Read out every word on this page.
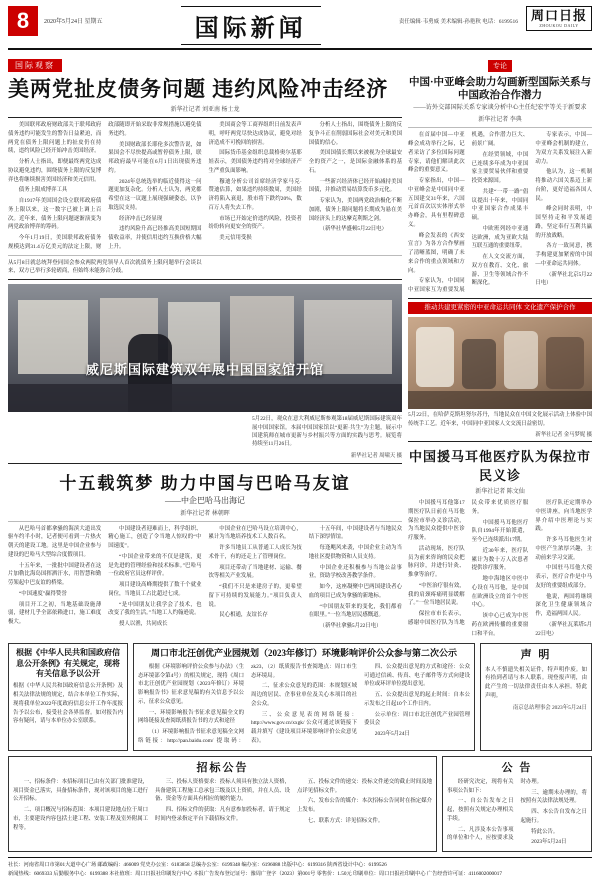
8	2020年5月24日 星期五	国际新闻	责任编辑·韦勇威 美术编辑·孙艳秋 电话：6199516 周口日报
ZHOUKOU DAILY
国际观察
美两党扯皮债务问题 违约风险冲击经济
新华社记者 刘亚南 杨士龙

美国联邦政府财政部关于联邦政府债务违约可能发生的警告日益紧迫，而两党在债务上限问题上的扯皮仍在持续，违约风险已经开始冲击美国经济。

分析人士指出，即便最终两党达成协议避免违约，围绕债务上限的反复博弈也将继续损害美国经济和美元信用。

债务上限成博弈工具

自1917年美国国会设立联邦政府债务上限以来，这一数字已被上调上百次。近年来，债务上限问题逐渐演变为两党政治博弈的筹码。

今年1月19日，美国联邦政府债务规模达到31.4万亿美元的法定上限，财政部随即开始采取非常规措施以避免债务违约。

美国财政部长耶伦多次警告说，如果国会不尽快提高或暂停债务上限，联邦政府最早可能在6月1日出现债务违约。

2024年总统选举的临近使得这一问题更加复杂化。分析人士认为，两党都希望在这一议题上展现强硬姿态，以争取选民支持。

经济冲击已经显现

违约风险升高已经推高美国短期国债收益率，并使信用违约互换价格大幅上升。

美国商会等工商界组织日前发表声明，呼吁两党尽快达成协议，避免对经济造成不可挽回的损害。

国际货币基金组织总裁格奥尔基耶娃表示，美国债务违约将对全球经济产生严重负面影响。

穆迪分析公司首席经济学家马克·赞迪估算，如果违约持续数周，美国经济将陷入衰退，股市将下跌约20%，数百万人将失去工作。

市场已开始定价违约风险，投资者纷纷转向更安全的资产。

美元信用受损

分析人士指出，围绕债务上限的反复争斗正在削弱国际社会对美元和美国国债的信心。

美国国债长期以来被视为全球最安全的资产之一，是国际金融体系的基石。

一些新兴经济体已经开始减持美国国债，并推动贸易结算货币多元化。

专家认为，美国两党政治极化不断加剧，债务上限问题将长期成为悬在美国经济头上的达摩克利斯之剑。

（新华社华盛顿5月22日电）

从5月8日就总统拜登同国会参众两院两党领导人首次就债务上限问题举行会谈以来，双方已举行多轮磋商，但始终未能弥合分歧。
威尼斯国际建筑双年展中国国家馆开馆
5月22日，观众在意大利威尼斯参观第18届威尼斯国际建筑双年展中国国家馆。本届中国国家馆以“更新·共生”为主题，展示中国建筑师在城市更新与乡村振兴等方面的实践与思考。展览将持续至11月26日。
新华社记者 周啸天 摄
十五载筑梦 助力中国与巴哈马友谊
——中企巴哈马出海记
新华社记者 林朝晖

从巴哈马首都拿骚的海滨大道出发驱车约半小时，记者便可看到一片热火朝天的建设工地。这里是中国企业参与建设的巴哈马大型综合度假项目。

十五年来，一批批中国建设者在这片加勒比海岛国挥洒汗水，用智慧和勤劳架起中巴友谊的桥梁。

“中国速度”赢得赞誉

项目开工之初，当地基础设施薄弱，建材几乎全部依赖进口，施工难度极大。

中国建设者迎难而上，科学组织、精心施工，创造了令当地人惊叹的“中国速度”。

“中国企业带来的不仅是建筑，更是先进的管理经验和技术标准。”巴哈马一位政府官员这样评价。

项目建设高峰期提供了数千个就业岗位，当地员工占比超过七成。

“是中国朋友让我学会了技术，也改变了我的生活。”当地工人约翰逊说。

授人以渔，共同成长

中国企业在巴哈马设立培训中心，累计为当地培养技术工人数百名。

许多当地员工从普通工人成长为技术骨干，有的还走上了管理岗位。

项目还带动了当地建材、运输、餐饮等相关产业发展。

“我们不只是来建房子的，更希望留下可持续的发展能力。”项目负责人说。

民心相通，友谊长存

十五年间，中国建设者与当地民众结下深厚情谊。

每逢飓风来袭，中国企业主动为当地社区提供物资和人员支持。

中国企业还积极参与当地公益事业，资助学校改善教学条件。

如今，这座凝聚中巴两国建设者心血的项目已成为拿骚的新地标。

“中国朋友带来的变化，我们都看在眼里。”一位当地居民感慨道。

（新华社拿骚5月22日电）

专论
中国·中亚峰会助力勾画新型国际关系与中国政治合作潜力
——访外交部国际关系专家谈分析中心主任纪宏宇等关于新要求
新华社记者 李典

在首届中国—中亚峰会成功举行之际，记者采访了多位国际问题专家，请他们解读此次峰会的重要意义。

专家指出，中国—中亚峰会是中国同中亚五国建交31年来，六国元首首次以实体形式举办峰会，具有里程碑意义。

峰会发表的《西安宣言》为各方合作擘画了清晰蓝图，明确了未来合作的重点领域和方向。

专家认为，中国同中亚国家互为重要发展机遇，合作潜力巨大、前景广阔。

在经贸领域，中国已连续多年成为中亚国家主要贸易伙伴和重要投资来源国。

共建“一带一路”倡议提出十年来，中国同中亚国家合作成果丰硕。

中欧班列经中亚通达欧洲，成为亚欧大陆互联互通的重要纽带。

在人文交流方面，双方在教育、文化、旅游、卫生等领域合作不断深化。

专家表示，中国—中亚峰会机制的建立，为双方关系发展注入新动力。

他认为，这一机制将推动六国关系迈上新台阶，更好造福各国人民。

峰会同时表明，中国坚持走和平发展道路，坚定奉行互利共赢的开放战略。

各方一致同意，携手构建更加紧密的中国—中亚命运共同体。

（新华社北京5月22日电）

推动共建更紧密的中亚命运共同体 文化遗产保护合作
5月22日，在哈萨克斯坦努尔苏丹，当地民众在中国文化展示活动上体验中国传统手工艺。近年来，中国同中亚国家人文交流日益密切。
新华社记者 金马梦妮 摄
中国援马耳他医疗队为保拉市民义诊
新华社记者 陈文仙

中国援马耳他第17期医疗队日前在马耳他保拉市举办义诊活动，为当地民众提供中医诊疗服务。

活动现场，医疗队员为前来咨询的民众把脉问诊，并进行针灸、推拿等治疗。

“中医治疗很有效，我的肩颈疼痛明显缓解了。”一位当地居民说。

保拉市市长表示，感谢中国医疗队为当地民众带来优质医疗服务。

中国援马耳他医疗队自1994年开始派遣，至今已连续派出17期。

近30年来，医疗队累计为数十万人次患者提供诊疗服务。

地中海地区中医中心设在马耳他，是中国在欧洲设立的首个中医中心。

该中心已成为中医药在欧洲传播的重要窗口和平台。

医疗队还定期举办中医讲座，向当地医学界介绍中医理论与实践。

许多马耳他医生对中医产生浓厚兴趣，主动前来学习交流。

中国驻马耳他大使表示，医疗合作是中马友好的重要组成部分。

他说，两国将继续深化卫生健康领域合作，造福两国人民。

（新华社瓦莱塔5月22日电）

根据《中华人民共和国政府信息公开条例》有关规定，现将有关信息予以公开
根据《中华人民共和国政府信息公开条例》及相关法律法规的规定，结合本单位工作实际，现将我单位2022年度政府信息公开工作年度报告予以公布，接受社会各界监督。如对报告内容有疑问，请与本单位办公室联系。
周口市北汪创优产业园规划（2023年修订）环境影响评价公众参与第二次公示

根据《环境影响评价公众参与办法》（生态环境部令第4号）的相关规定，现将《周口市北汪创优产业园规划（2023年修订）环境影响报告书》征求意见稿的有关信息予以公示，征求公众意见。

一、环境影响报告书征求意见稿全文的网络链接及查阅纸质报告书的方式和途径

（1）环境影响报告书征求意见稿全文网络链接：http://pan.baidu.com/ 提取码：zk23，（2）纸质报告书查阅地点：周口市生态环境局。

二、征求公众意见的范围：本规划区域周边的居民、企事业单位及关心本项目的社会公众。

三、公众意见表的网络链接：http://www.gov.cn/xxgk/ 公众可通过该链接下载并填写《建设项目环境影响评价公众意见表》。

四、公众提出意见的方式和途径：公众可通过信函、传真、电子邮件等方式向建设单位或环评单位提出意见。

五、公众提出意见的起止时间：自本公示发布之日起10个工作日内。

公示单位：周口市北汪创优产业园管理委员会

2023年5月24日

声 明
本人不慎遗失相关证件，特声明作废。如有拾到者请与本人联系。现登报声明，由此产生的一切法律责任由本人承担。特此声明。
南京总站理事会 2023年5月24日
招标公告

一、招标条件：本招标项目已由有关部门批准建设，项目资金已落实，具备招标条件，现对该项目的施工进行公开招标。

二、项目概况与招标范围：本项目建设地点位于周口市，主要建设内容包括土建工程、安装工程及室外附属工程等。

三、投标人资格要求：投标人须具有独立法人资格，具备建筑工程施工总承包三级及以上资质，并在人员、设备、资金等方面具有相应的履约能力。

四、招标文件的获取：凡有意参加投标者，请于规定时间内登录指定平台下载招标文件。

五、投标文件的递交：投标文件递交的截止时间及地点详见招标文件。

六、发布公告的媒介：本次招标公告同时在指定媒介上发布。

七、联系方式：详见招标文件。

公 告

经研究决定，现将有关事项公告如下：

一、自公告发布之日起，按照有关规定办理相关手续。

二、凡涉及本公告事项的单位和个人，应按要求及时办理。

三、逾期未办理的，将按照有关法律法规处理。

四、本公告自发布之日起施行。

特此公告。

2023年5月24日

社长：河南省周口市第01大道中心广场 邮政编码：466009 党史办公室：6183858 总编办公室：6199348 编办室：6196088 出版中心：6199316 陕西省设计中心：6199526
新闻热线：6069333 后勤服务中心：6199388 本社值班：周口日报社印刷发行中心 本报广告发布登记证号：豫周广登字（2023）第001号 零售价：1.50元 印刷单位：周口日报社印刷中心 广告经营许可证：4116002000017
